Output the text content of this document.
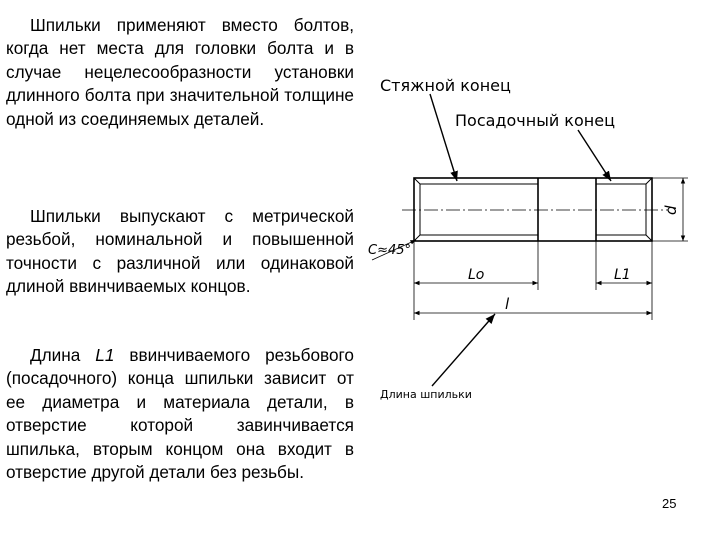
Шпильки применяют вместо болтов, когда нет места для головки болта и в случае нецелесообразности установки длинного болта при значительной толщине одной из соединяемых деталей.

Шпильки выпускают с метрической резьбой, номинальной и повышенной точности с различной или одинаковой длиной ввинчиваемых концов.

Длина L1 ввинчиваемого резьбового (посадочного) конца шпильки зависит от ее диаметра и материала детали, в отверстие которой завинчивается шпилька, вторым концом она входит в отверстие другой детали без резьбы.

Стяжной конец
Посадочный конец
Длина шпильки
C≈45°
Lo	L1
l
d
25
